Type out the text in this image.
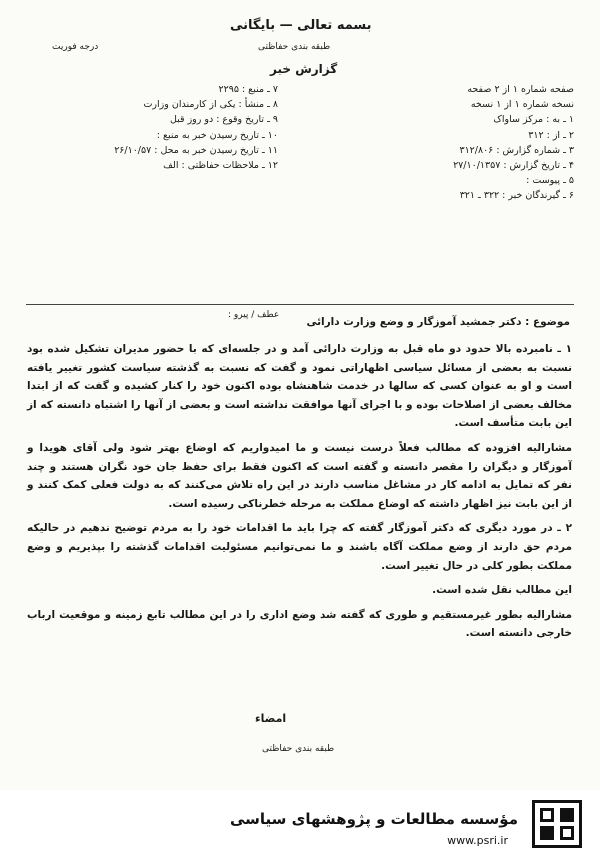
بسمه تعالی — بایگانی
طبقه بندی حفاظتی
درجه فوریت
گزارش خبر
صفحه شماره ۱ از ۲ صفحه
نسخه شماره ۱ از ۱ نسخه
۱ ـ به : مرکز ساواک
۲ ـ از : ۳۱۲
۳ ـ شماره گزارش : ۳۱۲/۸۰۶
۴ ـ تاریخ گزارش : ۲۷/۱۰/۱۳۵۷
۵ ـ پیوست :
۶ ـ گیرندگان خبر : ۳۲۲ ـ ۳۲۱
۷ ـ منبع : ۲۲۹۵
۸ ـ منشأ : یکی از کارمندان وزارت
۹ ـ تاریخ وقوع : دو روز قبل
۱۰ ـ تاریخ رسیدن خبر به منبع :
۱۱ ـ تاریخ رسیدن خبر به محل : ۲۶/۱۰/۵۷
۱۲ ـ ملاحظات حفاظتی : الف
عطف / پیرو :
موضوع : دکتر جمشید آموزگار و وضع وزارت دارائی

۱ ـ نامبرده بالا حدود دو ماه قبل به وزارت دارائی آمد و در جلسه‌ای که با حضور مدیران تشکیل شده بود نسبت به بعضی از مسائل سیاسی اظهاراتی نمود و گفت که نسبت به گذشته سیاست کشور تغییر یافته است و او به عنوان کسی که سالها در خدمت شاهنشاه بوده اکنون خود را کنار کشیده و گفت که از ابتدا مخالف بعضی از اصلاحات بوده و با اجرای آنها موافقت نداشته است و بعضی از آنها را اشتباه دانسته که از این بابت متأسف است.

مشارالیه افزوده که مطالب فعلاً درست نیست و ما امیدواریم که اوضاع بهتر شود ولی آقای هویدا و آموزگار و دیگران را مقصر دانسته و گفته است که اکنون فقط برای حفظ جان خود نگران هستند و چند نفر که تمایل به ادامه کار در مشاغل مناسب دارند در این راه تلاش می‌کنند که به دولت فعلی کمک کنند و از این بابت نیز اظهار داشته که اوضاع مملکت به مرحله خطرناکی رسیده است.

۲ ـ در مورد دیگری که دکتر آموزگار گفته که چرا باید ما اقدامات خود را به مردم توضیح ندهیم در حالیکه مردم حق دارند از وضع مملکت آگاه باشند و ما نمی‌توانیم مسئولیت اقدامات گذشته را بپذیریم و وضع مملکت بطور کلی در حال تغییر است.

این مطالب نقل شده است.

مشارالیه بطور غیرمستقیم و طوری که گفته شد وضع اداری را در این مطالب تابع زمینه و موقعیت ارباب خارجی دانسته است.

امضاء
طبقه بندی حفاظتی
مؤسسه مطالعات و پژوهشهای سیاسی
www.psri.ir
